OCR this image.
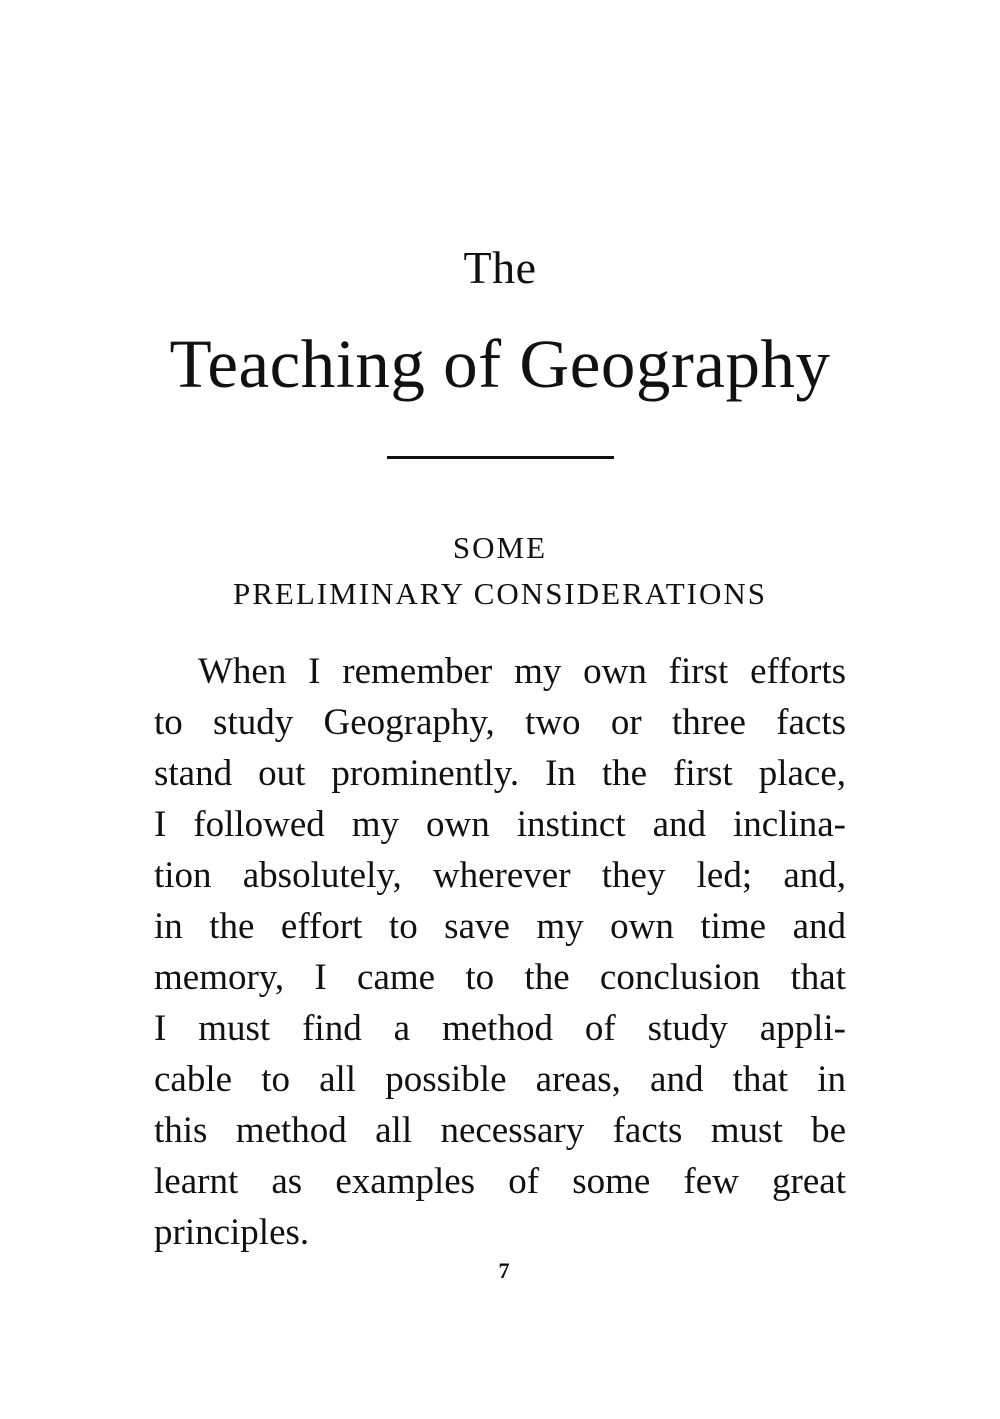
The
Teaching of Geography
SOME
PRELIMINARY CONSIDERATIONS
When I remember my own first efforts
to study Geography, two or three facts
stand out prominently. In the first place,
I followed my own instinct and inclina-
tion absolutely, wherever they led; and,
in the effort to save my own time and
memory, I came to the conclusion that
I must find a method of study appli-
cable to all possible areas, and that in
this method all necessary facts must be
learnt as examples of some few great
principles.
7
